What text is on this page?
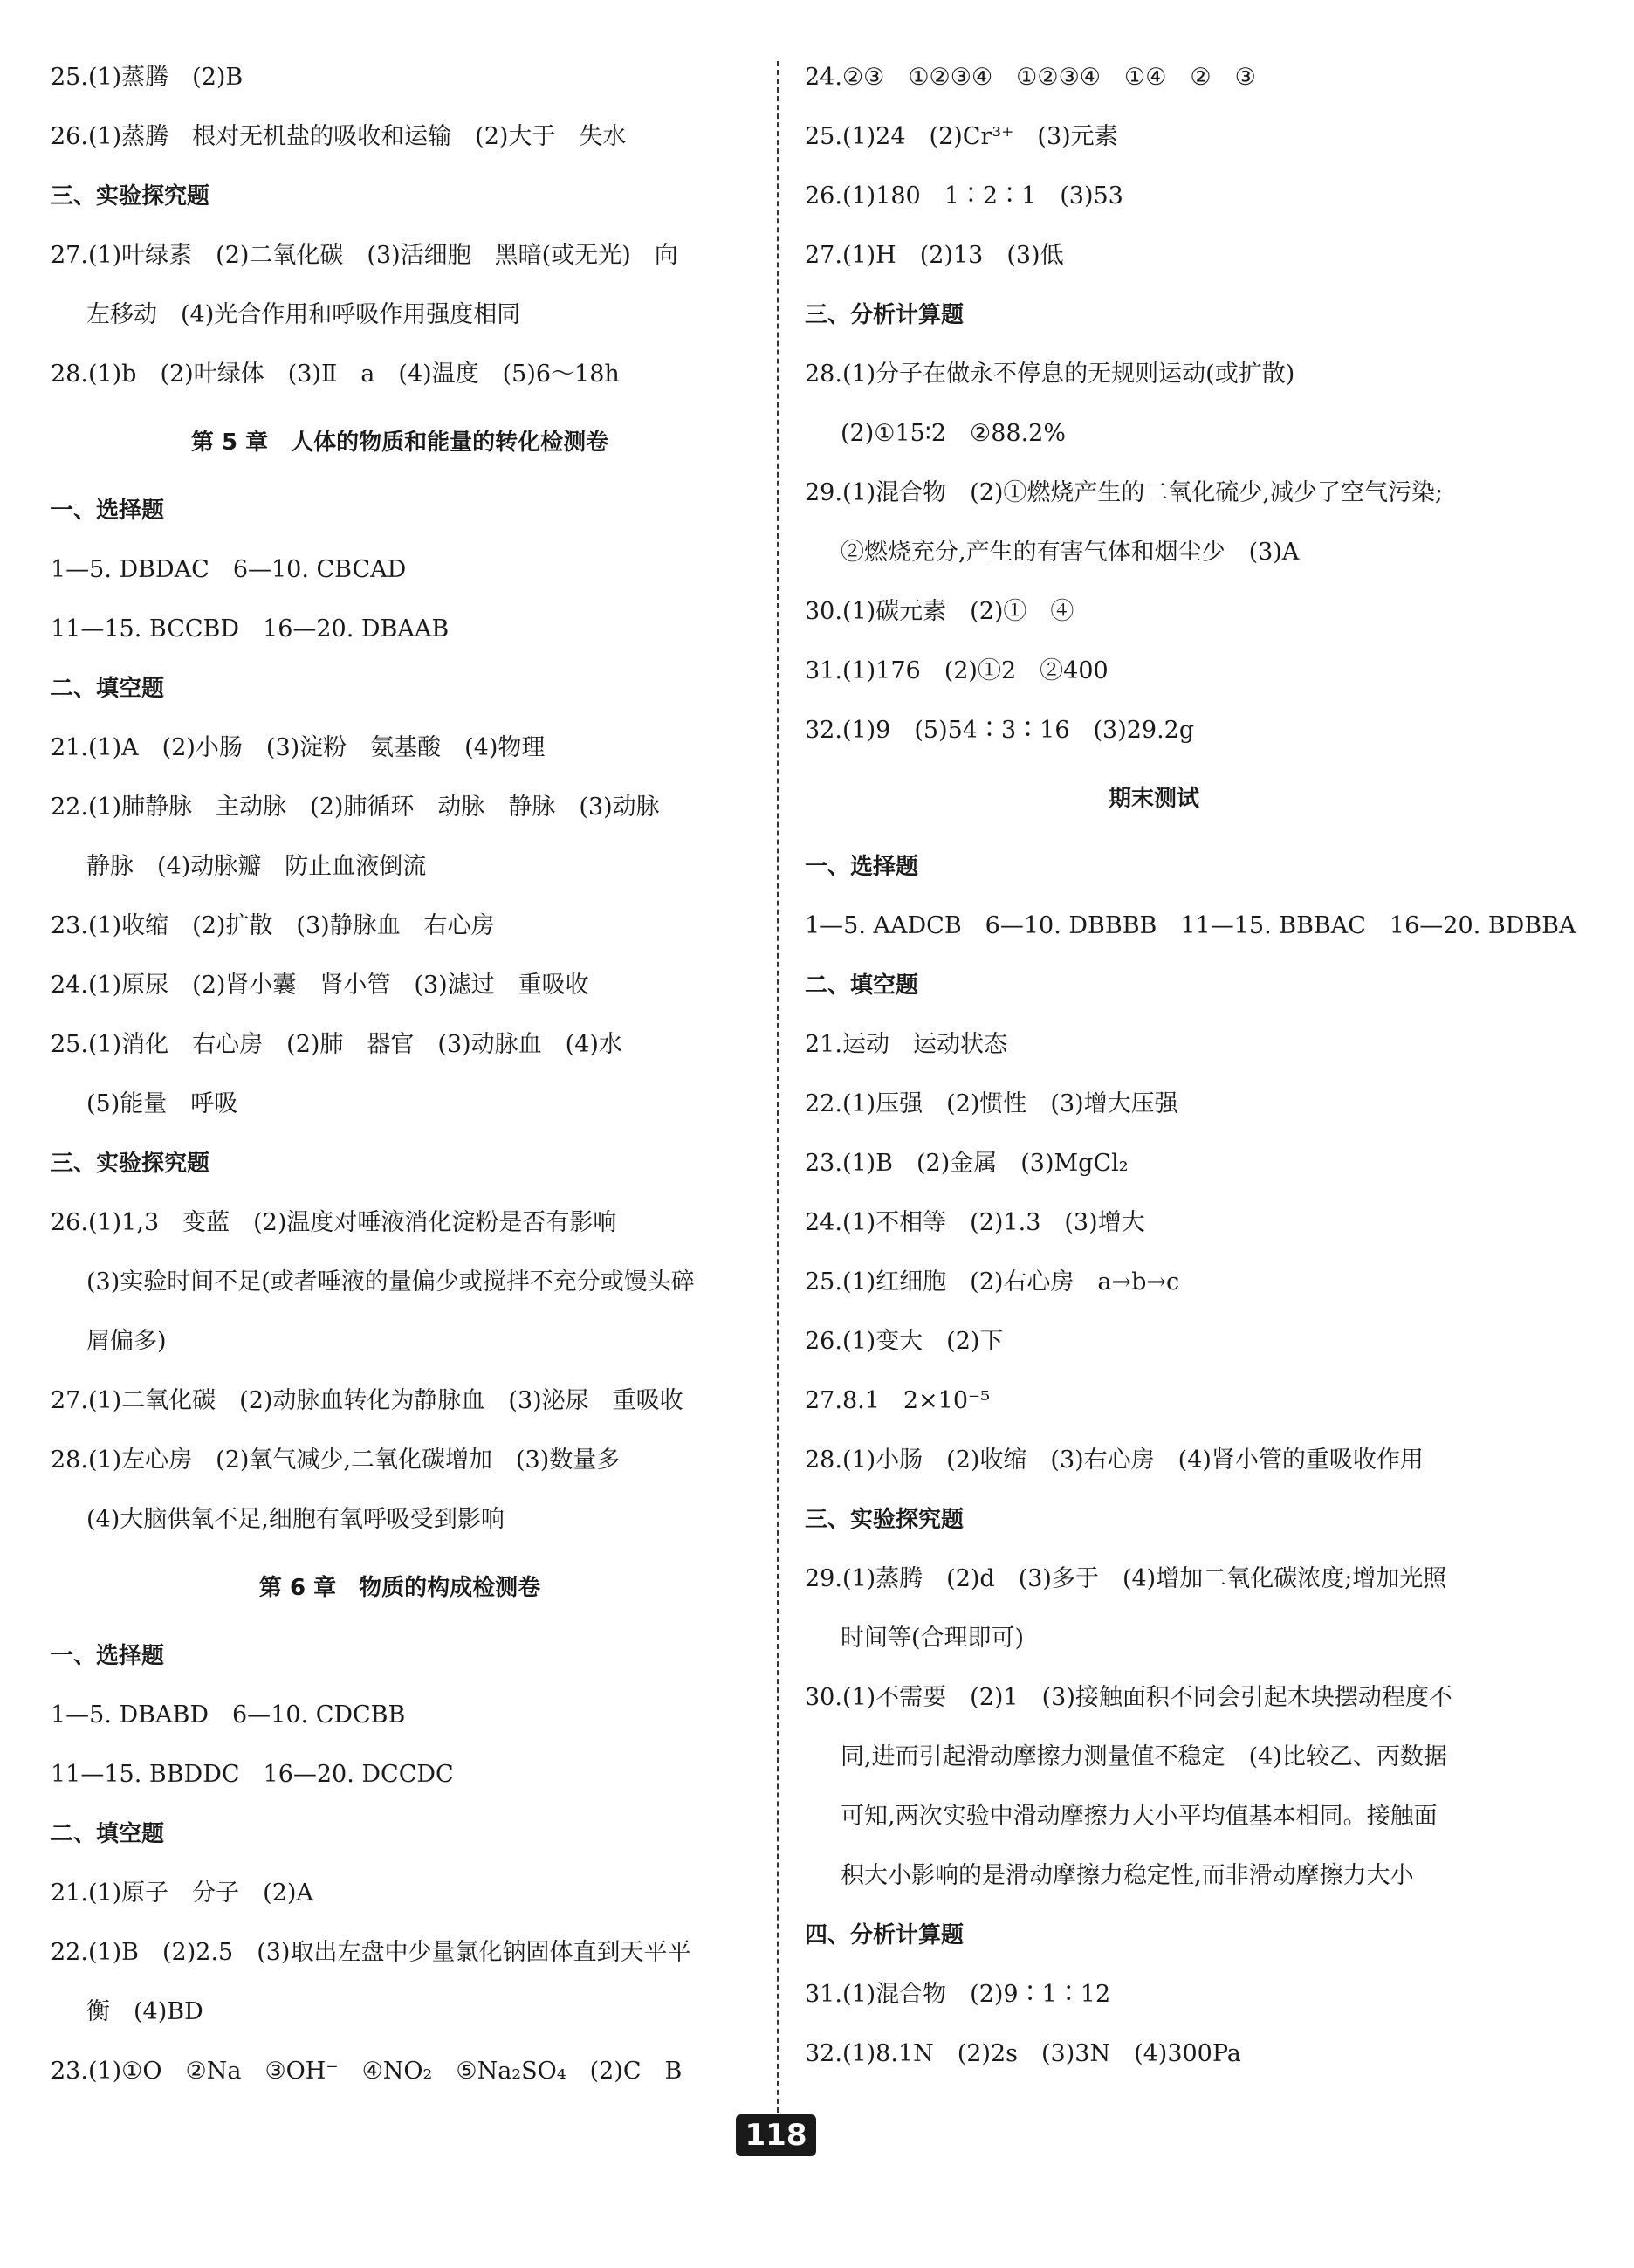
25.(1)蒸腾　(2)B
26.(1)蒸腾　根对无机盐的吸收和运输　(2)大于　失水
三、实验探究题
27.(1)叶绿素　(2)二氧化碳　(3)活细胞　黑暗(或无光)　向
左移动　(4)光合作用和呼吸作用强度相同
28.(1)b　(2)叶绿体　(3)Ⅱ　a　(4)温度　(5)6～18h
第 5 章　人体的物质和能量的转化检测卷
一、选择题
1—5. DBDAC　6—10. CBCAD
11—15. BCCBD　16—20. DBAAB
二、填空题
21.(1)A　(2)小肠　(3)淀粉　氨基酸　(4)物理
22.(1)肺静脉　主动脉　(2)肺循环　动脉　静脉　(3)动脉
静脉　(4)动脉瓣　防止血液倒流
23.(1)收缩　(2)扩散　(3)静脉血　右心房
24.(1)原尿　(2)肾小囊　肾小管　(3)滤过　重吸收
25.(1)消化　右心房　(2)肺　器官　(3)动脉血　(4)水
(5)能量　呼吸
三、实验探究题
26.(1)1,3　变蓝　(2)温度对唾液消化淀粉是否有影响
(3)实验时间不足(或者唾液的量偏少或搅拌不充分或馒头碎
屑偏多)
27.(1)二氧化碳　(2)动脉血转化为静脉血　(3)泌尿　重吸收
28.(1)左心房　(2)氧气减少,二氧化碳增加　(3)数量多
(4)大脑供氧不足,细胞有氧呼吸受到影响
第 6 章　物质的构成检测卷
一、选择题
1—5. DBABD　6—10. CDCBB
11—15. BBDDC　16—20. DCCDC
二、填空题
21.(1)原子　分子　(2)A
22.(1)B　(2)2.5　(3)取出左盘中少量氯化钠固体直到天平平
衡　(4)BD
23.(1)①O　②Na　③OH⁻　④NO₂　⑤Na₂SO₄　(2)C　B
24.②③　①②③④　①②③④　①④　②　③
25.(1)24　(2)Cr³⁺　(3)元素
26.(1)180　1∶2∶1　(3)53
27.(1)H　(2)13　(3)低
三、分析计算题
28.(1)分子在做永不停息的无规则运动(或扩散)
(2)①15∶2　②88.2%
29.(1)混合物　(2)①燃烧产生的二氧化硫少,减少了空气污染;
②燃烧充分,产生的有害气体和烟尘少　(3)A
30.(1)碳元素　(2)①　④
31.(1)176　(2)①2　②400
32.(1)9　(5)54∶3∶16　(3)29.2g
期末测试
一、选择题
1—5. AADCB　6—10. DBBBB　11—15. BBBAC　16—20. BDBBA
二、填空题
21.运动　运动状态
22.(1)压强　(2)惯性　(3)增大压强
23.(1)B　(2)金属　(3)MgCl₂
24.(1)不相等　(2)1.3　(3)增大
25.(1)红细胞　(2)右心房　a→b→c
26.(1)变大　(2)下
27.8.1　2×10⁻⁵
28.(1)小肠　(2)收缩　(3)右心房　(4)肾小管的重吸收作用
三、实验探究题
29.(1)蒸腾　(2)d　(3)多于　(4)增加二氧化碳浓度;增加光照
时间等(合理即可)
30.(1)不需要　(2)1　(3)接触面积不同会引起木块摆动程度不
同,进而引起滑动摩擦力测量值不稳定　(4)比较乙、丙数据
可知,两次实验中滑动摩擦力大小平均值基本相同。接触面
积大小影响的是滑动摩擦力稳定性,而非滑动摩擦力大小
四、分析计算题
31.(1)混合物　(2)9∶1∶12
32.(1)8.1N　(2)2s　(3)3N　(4)300Pa
118
